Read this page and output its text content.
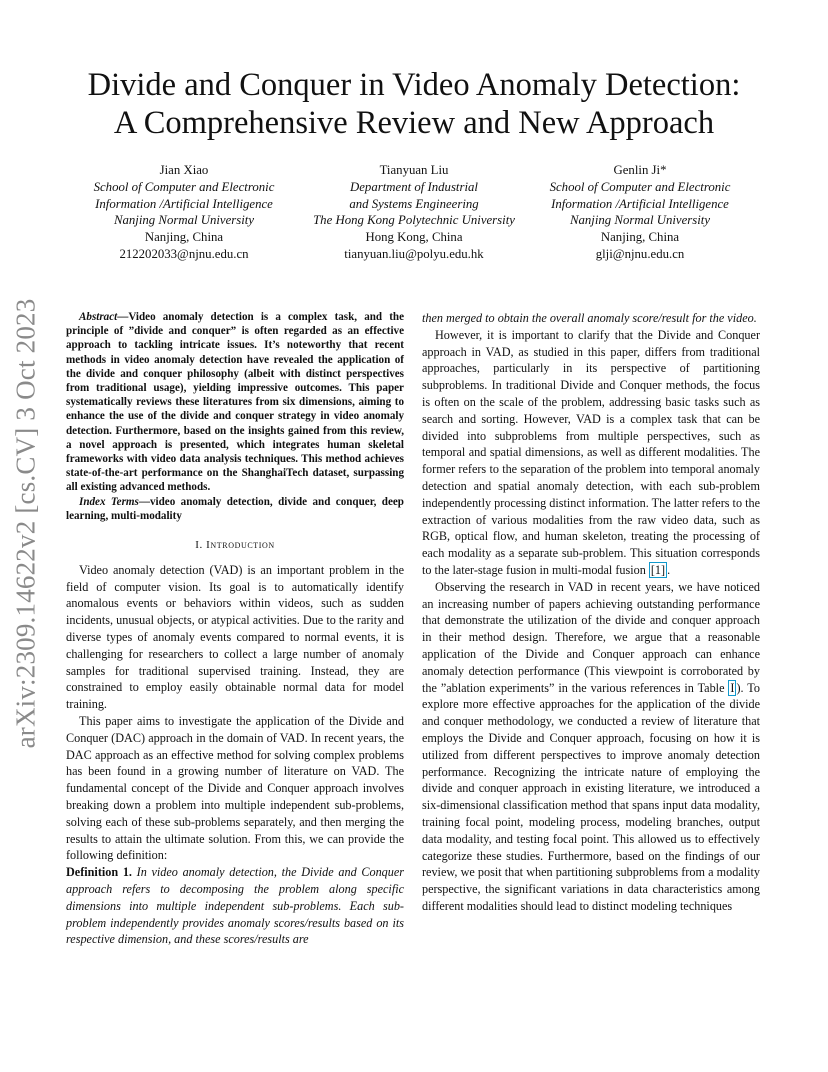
arXiv:2309.14622v2 [cs.CV] 3 Oct 2023
Divide and Conquer in Video Anomaly Detection:
A Comprehensive Review and New Approach
Jian Xiao
School of Computer and Electronic
Information /Artificial Intelligence
Nanjing Normal University
Nanjing, China
212202033@njnu.edu.cn
Tianyuan Liu
Department of Industrial
and Systems Engineering
The Hong Kong Polytechnic University
Hong Kong, China
tianyuan.liu@polyu.edu.hk
Genlin Ji*
School of Computer and Electronic
Information /Artificial Intelligence
Nanjing Normal University
Nanjing, China
glji@njnu.edu.cn

Abstract—Video anomaly detection is a complex task, and the principle of ”divide and conquer” is often regarded as an effective approach to tackling intricate issues. It’s noteworthy that recent methods in video anomaly detection have revealed the application of the divide and conquer philosophy (albeit with distinct perspectives from traditional usage), yielding impressive outcomes. This paper systematically reviews these literatures from six dimensions, aiming to enhance the use of the divide and conquer strategy in video anomaly detection. Furthermore, based on the insights gained from this review, a novel approach is presented, which integrates human skeletal frameworks with video data analysis techniques. This method achieves state-of-the-art performance on the ShanghaiTech dataset, surpassing all existing advanced methods.

Index Terms—video anomaly detection, divide and conquer, deep learning, multi-modality

I. Introduction

Video anomaly detection (VAD) is an important problem in the field of computer vision. Its goal is to automatically identify anomalous events or behaviors within videos, such as sudden incidents, unusual objects, or atypical activities. Due to the rarity and diverse types of anomaly events compared to normal events, it is challenging for researchers to collect a large number of anomaly samples for traditional supervised training. Instead, they are constrained to employ easily obtainable normal data for model training.

This paper aims to investigate the application of the Divide and Conquer (DAC) approach in the domain of VAD. In recent years, the DAC approach as an effective method for solving complex problems has been found in a growing number of literature on VAD. The fundamental concept of the Divide and Conquer approach involves breaking down a problem into multiple independent sub-problems, solving each of these sub-problems separately, and then merging the results to attain the ultimate solution. From this, we can provide the following definition:

Definition 1. In video anomaly detection, the Divide and Conquer approach refers to decomposing the problem along specific dimensions into multiple independent sub-problems. Each sub-problem independently provides anomaly scores/results based on its respective dimension, and these scores/results are

then merged to obtain the overall anomaly score/result for the video.

However, it is important to clarify that the Divide and Conquer approach in VAD, as studied in this paper, differs from traditional approaches, particularly in its perspective of partitioning subproblems. In traditional Divide and Conquer methods, the focus is often on the scale of the problem, addressing basic tasks such as search and sorting. However, VAD is a complex task that can be divided into subproblems from multiple perspectives, such as temporal and spatial dimensions, as well as different modalities. The former refers to the separation of the problem into temporal anomaly detection and spatial anomaly detection, with each sub-problem independently processing distinct information. The latter refers to the extraction of various modalities from the raw video data, such as RGB, optical flow, and human skeleton, treating the processing of each modality as a separate sub-problem. This situation corresponds to the later-stage fusion in multi-modal fusion [1] .

Observing the research in VAD in recent years, we have noticed an increasing number of papers achieving outstanding performance that demonstrate the utilization of the divide and conquer approach in their method design. Therefore, we argue that a reasonable application of the Divide and Conquer approach can enhance anomaly detection performance (This viewpoint is corroborated by the ”ablation experiments” in the various references in Table I ). To explore more effective approaches for the application of the divide and conquer methodology, we conducted a review of literature that employs the Divide and Conquer approach, focusing on how it is utilized from different perspectives to improve anomaly detection performance. Recognizing the intricate nature of employing the divide and conquer approach in existing literature, we introduced a six-dimensional classification method that spans input data modality, training focal point, modeling process, modeling branches, output data modality, and testing focal point. This allowed us to effectively categorize these studies. Furthermore, based on the findings of our review, we posit that when partitioning subproblems from a modality perspective, the significant variations in data characteristics among different modalities should lead to distinct modeling techniques
